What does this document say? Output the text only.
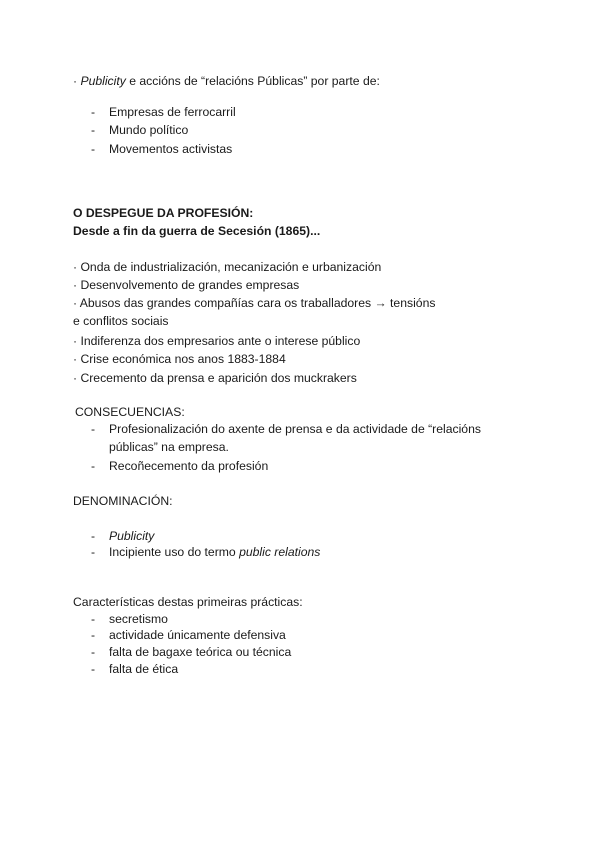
· Publicity e accións de “relacións Públicas” por parte de:
- Empresas de ferrocarril
- Mundo político
- Movementos activistas
O DESPEGUE DA PROFESIÓN:
Desde a fin da guerra de Secesión (1865)...
· Onda de industrialización, mecanización e urbanización
· Desenvolvemento de grandes empresas
· Abusos das grandes compañías cara os traballadores → tensións
e conflitos sociais
· Indiferenza dos empresarios ante o interese público
· Crise económica nos anos 1883-1884
· Crecemento da prensa e aparición dos muckrakers
CONSECUENCIAS:
- Profesionalización do axente de prensa e da actividade de “relacións
públicas” na empresa.
- Recoñecemento da profesión
DENOMINACIÓN:
- Publicity
- Incipiente uso do termo public relations
Características destas primeiras prácticas:
- secretismo
- actividade únicamente defensiva
- falta de bagaxe teórica ou técnica
- falta de ética
